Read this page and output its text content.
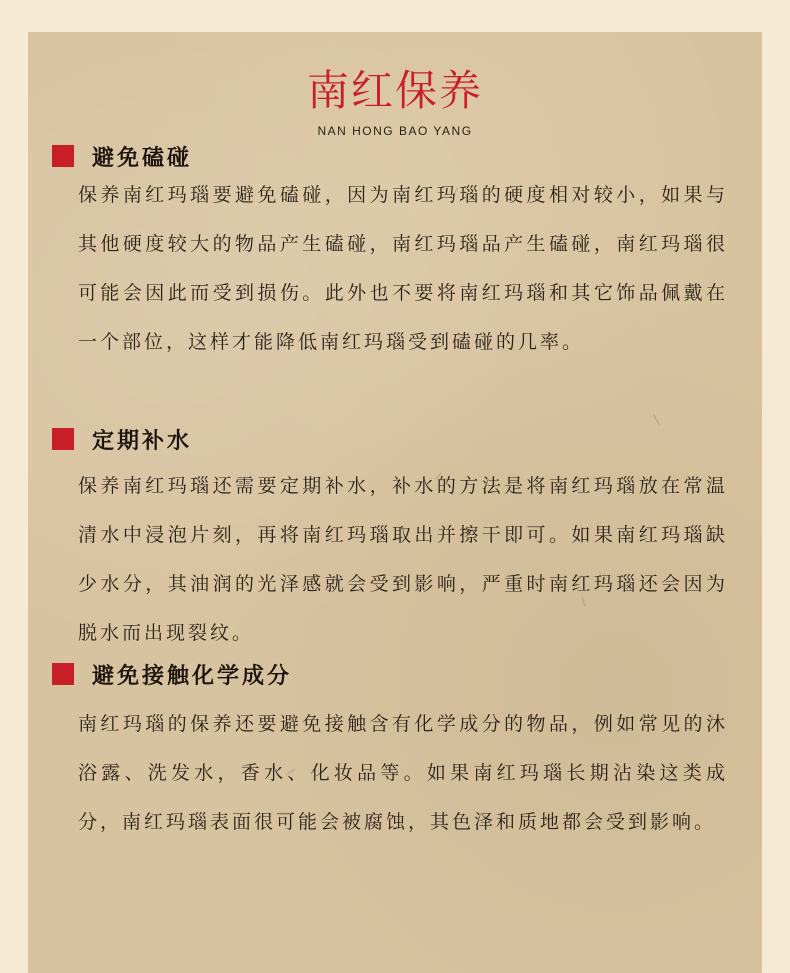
南红保养
NAN HONG BAO YANG
避免磕碰

保养南红玛瑙要避免磕碰，因为南红玛瑙的硬度相对较小，如果与其他硬度较大的物品产生磕碰，南红玛瑙品产生磕碰，南红玛瑙很可能会因此而受到损伤。此外也不要将南红玛瑙和其它饰品佩戴在一个部位，这样才能降低南红玛瑙受到磕碰的几率。

定期补水

保养南红玛瑙还需要定期补水，补水的方法是将南红玛瑙放在常温清水中浸泡片刻，再将南红玛瑙取出并擦干即可。如果南红玛瑙缺少水分，其油润的光泽感就会受到影响，严重时南红玛瑙还会因为脱水而出现裂纹。

避免接触化学成分

南红玛瑙的保养还要避免接触含有化学成分的物品，例如常见的沐浴露、洗发水，香水、化妆品等。如果南红玛瑙长期沾染这类成分，南红玛瑙表面很可能会被腐蚀，其色泽和质地都会受到影响。
